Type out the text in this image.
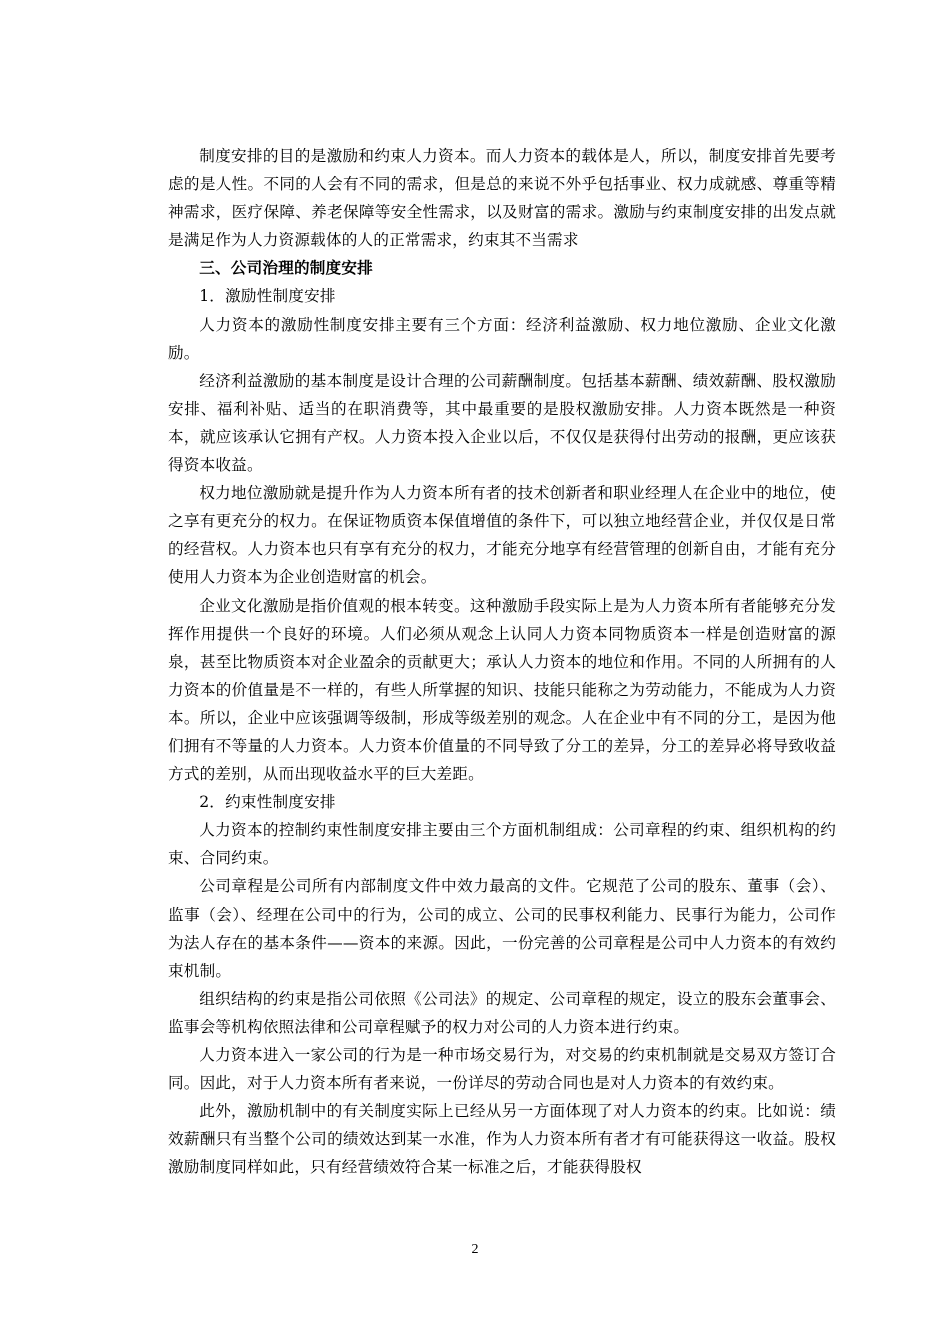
制度安排的目的是激励和约束人力资本。而人力资本的载体是人，所以，制度安排首先要考虑的是人性。不同的人会有不同的需求，但是总的来说不外乎包括事业、权力成就感、尊重等精神需求，医疗保障、养老保障等安全性需求，以及财富的需求。激励与约束制度安排的出发点就是满足作为人力资源载体的人的正常需求，约束其不当需求

三、公司治理的制度安排

1．激励性制度安排

人力资本的激励性制度安排主要有三个方面：经济利益激励、权力地位激励、企业文化激励。

经济利益激励的基本制度是设计合理的公司薪酬制度。包括基本薪酬、绩效薪酬、股权激励安排、福利补贴、适当的在职消费等，其中最重要的是股权激励安排。人力资本既然是一种资本，就应该承认它拥有产权。人力资本投入企业以后，不仅仅是获得付出劳动的报酬，更应该获得资本收益。

权力地位激励就是提升作为人力资本所有者的技术创新者和职业经理人在企业中的地位，使之享有更充分的权力。在保证物质资本保值增值的条件下，可以独立地经营企业，并仅仅是日常的经营权。人力资本也只有享有充分的权力，才能充分地享有经营管理的创新自由，才能有充分使用人力资本为企业创造财富的机会。

企业文化激励是指价值观的根本转变。这种激励手段实际上是为人力资本所有者能够充分发挥作用提供一个良好的环境。人们必须从观念上认同人力资本同物质资本一样是创造财富的源泉，甚至比物质资本对企业盈余的贡献更大；承认人力资本的地位和作用。不同的人所拥有的人力资本的价值量是不一样的，有些人所掌握的知识、技能只能称之为劳动能力，不能成为人力资本。所以，企业中应该强调等级制，形成等级差别的观念。人在企业中有不同的分工，是因为他们拥有不等量的人力资本。人力资本价值量的不同导致了分工的差异，分工的差异必将导致收益方式的差别，从而出现收益水平的巨大差距。

2．约束性制度安排

人力资本的控制约束性制度安排主要由三个方面机制组成：公司章程的约束、组织机构的约束、合同约束。

公司章程是公司所有内部制度文件中效力最高的文件。它规范了公司的股东、董事（会）、监事（会）、经理在公司中的行为，公司的成立、公司的民事权利能力、民事行为能力，公司作为法人存在的基本条件——资本的来源。因此，一份完善的公司章程是公司中人力资本的有效约束机制。

组织结构的约束是指公司依照《公司法》的规定、公司章程的规定，设立的股东会董事会、监事会等机构依照法律和公司章程赋予的权力对公司的人力资本进行约束。

人力资本进入一家公司的行为是一种市场交易行为，对交易的约束机制就是交易双方签订合同。因此，对于人力资本所有者来说，一份详尽的劳动合同也是对人力资本的有效约束。

此外，激励机制中的有关制度实际上已经从另一方面体现了对人力资本的约束。比如说：绩效薪酬只有当整个公司的绩效达到某一水准，作为人力资本所有者才有可能获得这一收益。股权激励制度同样如此，只有经营绩效符合某一标准之后，才能获得股权

2
